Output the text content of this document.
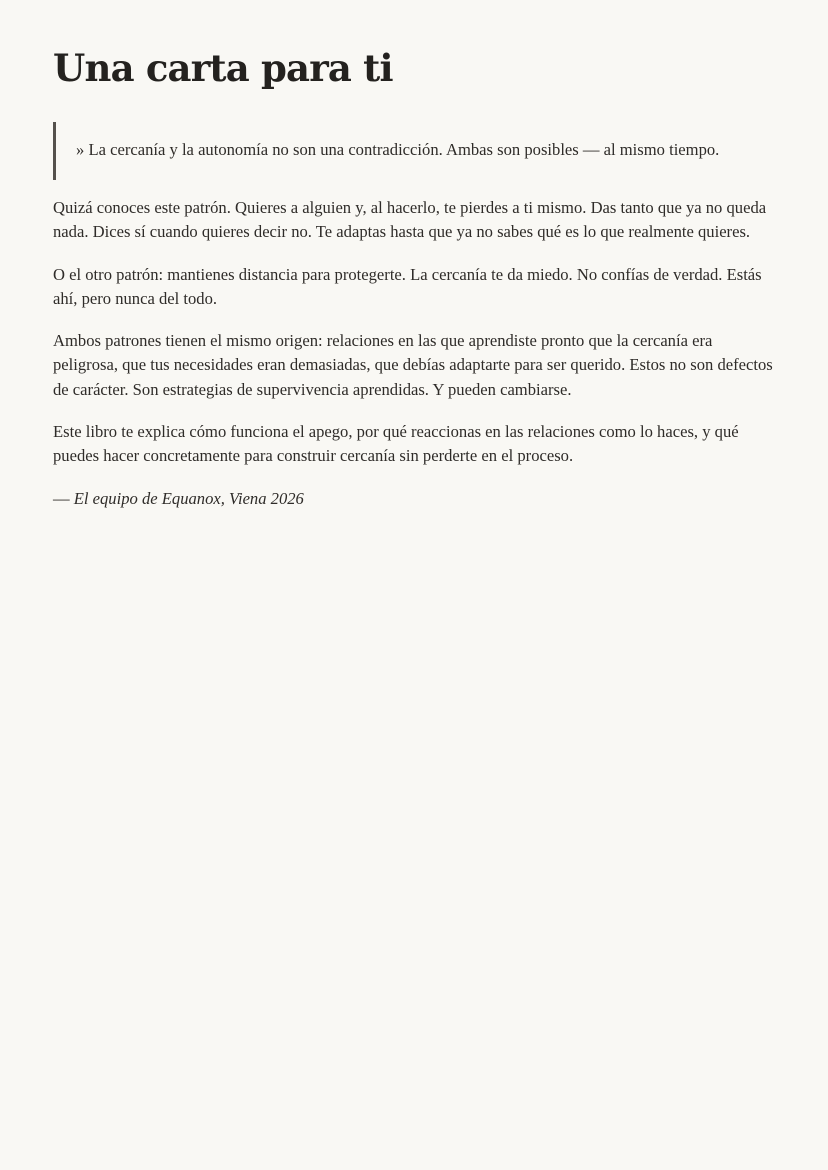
Una carta para ti
» La cercanía y la autonomía no son una contradicción. Ambas son posibles — al mismo tiempo.

Quizá conoces este patrón. Quieres a alguien y, al hacerlo, te pierdes a ti mismo. Das tanto que ya no queda nada. Dices sí cuando quieres decir no. Te adaptas hasta que ya no sabes qué es lo que realmente quieres.

O el otro patrón: mantienes distancia para protegerte. La cercanía te da miedo. No confías de verdad. Estás ahí, pero nunca del todo.

Ambos patrones tienen el mismo origen: relaciones en las que aprendiste pronto que la cercanía era peligrosa, que tus necesidades eran demasiadas, que debías adaptarte para ser querido. Estos no son defectos de carácter. Son estrategias de supervivencia aprendidas. Y pueden cambiarse.

Este libro te explica cómo funciona el apego, por qué reaccionas en las relaciones como lo haces, y qué puedes hacer concretamente para construir cercanía sin perderte en el proceso.

— El equipo de Equanox, Viena 2026
